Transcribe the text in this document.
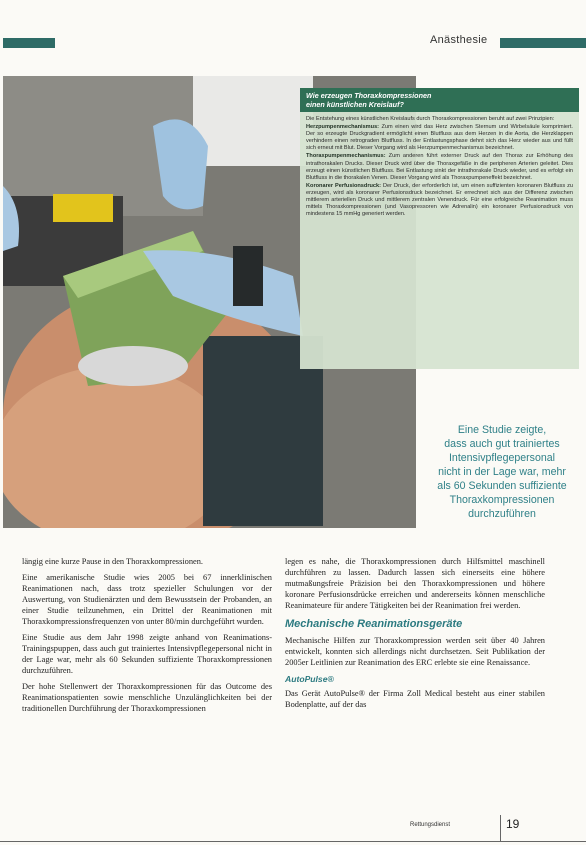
Anästhesie
Wie erzeugen Thoraxkompressionen
einen künstlichen Kreislauf?

Die Entstehung eines künstlichen Kreislaufs durch Thoraxkompressionen beruht auf zwei Prinzipien:

Herzpumpenmechanismus: Zum einen wird das Herz zwischen Sternum und Wirbelsäule komprimiert. Der so erzeugte Druckgradient ermöglicht einen Blutfluss aus dem Herzen in die Aorta, die Herzklappen verhindern einen retrograden Blutfluss. In der Entlastungsphase dehnt sich das Herz wieder aus und füllt sich erneut mit Blut. Dieser Vorgang wird als Herzpumpenmechanismus bezeichnet.

Thoraxpumpenmechanismus: Zum anderen führt externer Druck auf den Thorax zur Erhöhung des intrathorakalen Drucks. Dieser Druck wird über die Thoraxgefäße in die peripheren Arterien geleitet. Dies erzeugt einen künstlichen Blutfluss. Bei Entlastung sinkt der intrathorakale Druck wieder, und es erfolgt ein Blutfluss in die thorakalen Venen. Dieser Vorgang wird als Thoraxpumpeneffekt bezeichnet.

Koronarer Perfusionsdruck: Der Druck, der erforderlich ist, um einen suffizienten koronaren Blutfluss zu erzeugen, wird als koronarer Perfusionsdruck bezeichnet. Er errechnet sich aus der Differenz zwischen mittlerem arteriellen Druck und mittlerem zentralen Venendruck. Für eine erfolgreiche Reanimation muss mittels Thoraxkompressionen (und Vasopressoren wie Adrenalin) ein koronarer Perfusionsdruck von mindestens 15 mmHg generiert werden.

Eine Studie zeigte,
dass auch gut trainiertes
Intensivpflegepersonal
nicht in der Lage war, mehr
als 60 Sekunden suffiziente
Thoraxkompressionen
durchzuführen

längig eine kurze Pause in den Thoraxkompressionen.

Eine amerikanische Studie wies 2005 bei 67 innerklinischen Reanimationen nach, dass trotz spezieller Schulungen vor der Auswertung, von Studienärzten und dem Bewusstsein der Probanden, an einer Studie teilzunehmen, ein Drittel der Reanimationen mit Thoraxkompressionsfrequenzen von unter 80/min durchgeführt wurden.

Eine Studie aus dem Jahr 1998 zeigte anhand von Reanimations-Trainingspuppen, dass auch gut trainiertes Intensivpflegepersonal nicht in der Lage war, mehr als 60 Sekunden suffiziente Thoraxkompressionen durchzuführen.

Der hohe Stellenwert der Thoraxkompressionen für das Outcome des Reanimationspatienten sowie menschliche Unzulänglichkeiten bei der traditionellen Durchführung der Thoraxkompressionen

legen es nahe, die Thoraxkompressionen durch Hilfsmittel maschinell durchführen zu lassen. Dadurch lassen sich einerseits eine höhere mutmaßungsfreie Präzision bei den Thoraxkompressionen und höhere koronare Perfusionsdrücke erreichen und andererseits können menschliche Reanimateure für andere Tätigkeiten bei der Reanimation frei werden.

Mechanische Reanimationsgeräte

Mechanische Hilfen zur Thoraxkompression werden seit über 40 Jahren entwickelt, konnten sich allerdings nicht durchsetzen. Seit Publikation der 2005er Leitlinien zur Reanimation des ERC erlebte sie eine Renaissance.

AutoPulse®

Das Gerät AutoPulse® der Firma Zoll Medical besteht aus einer stabilen Bodenplatte, auf der das

Rettungsdienst	19
